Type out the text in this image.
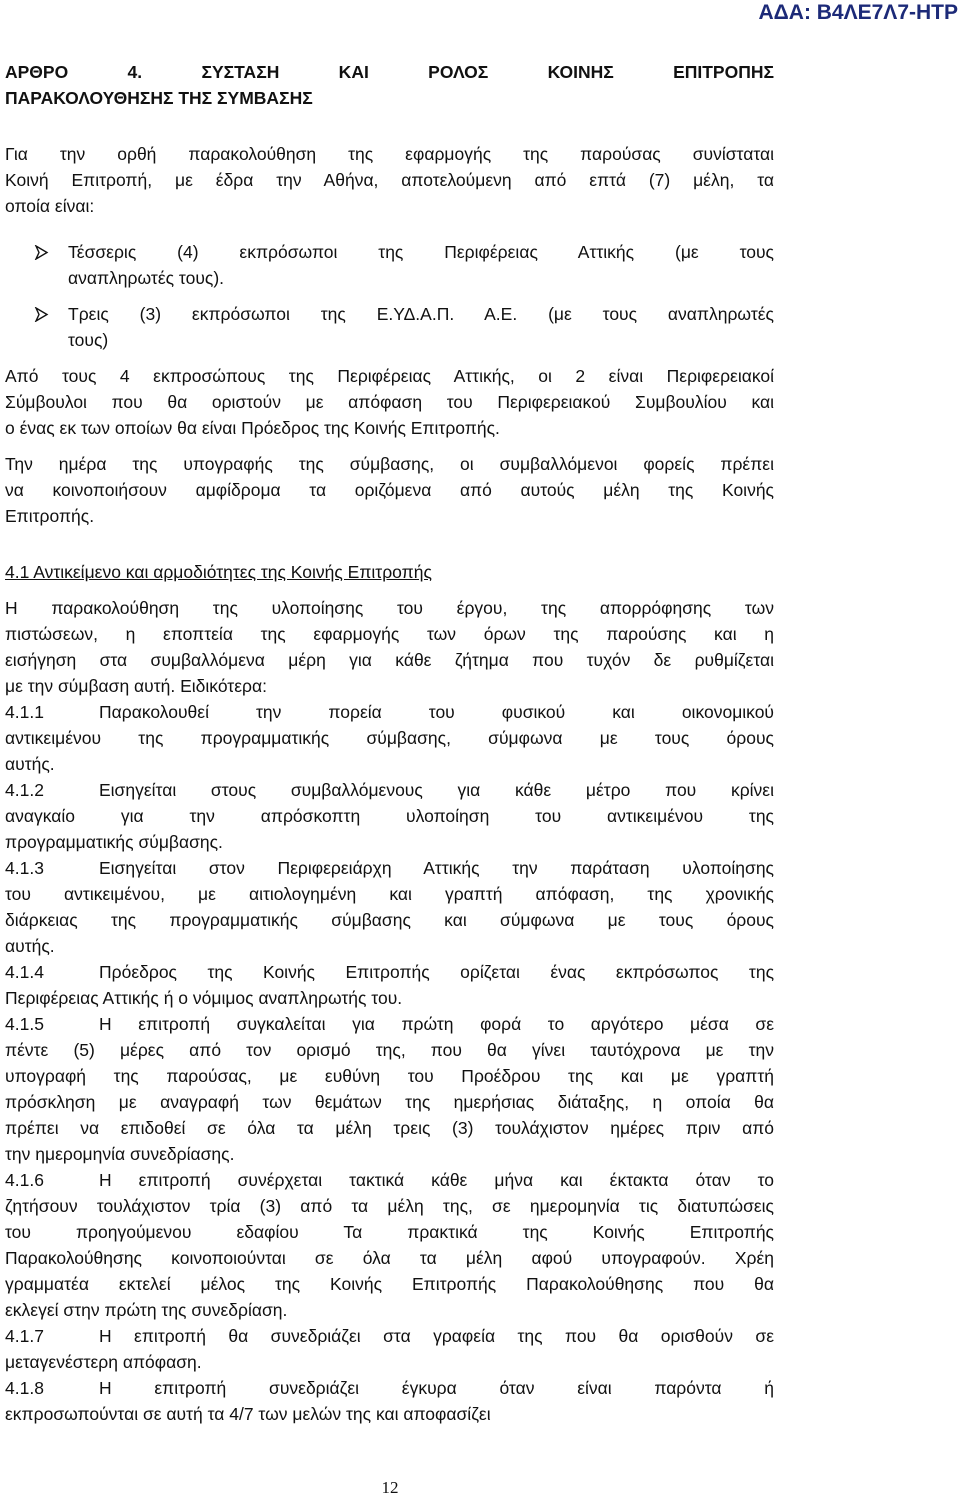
ΑΔΑ: Β4ΛΕ7Λ7-ΗΤΡ
ΑΡΘΡΟ 4. ΣΥΣΤΑΣΗ ΚΑΙ ΡΟΛΟΣ ΚΟΙΝΗΣ ΕΠΙΤΡΟΠΗΣ
ΠΑΡΑΚΟΛΟΥΘΗΣΗΣ ΤΗΣ ΣΥΜΒΑΣΗΣ
Για την ορθή παρακολούθηση της εφαρμογής της παρούσας συνίσταται
Κοινή Επιτροπή, με έδρα την Αθήνα, αποτελούμενη από επτά (7) μέλη, τα
οποία είναι:
Τέσσερις (4) εκπρόσωποι της Περιφέρειας Αττικής (με τους
αναπληρωτές τους).
Τρεις (3) εκπρόσωποι της Ε.ΥΔ.Α.Π. Α.Ε. (με τους αναπληρωτές
τους)
Από τους 4 εκπροσώπους της Περιφέρειας Αττικής, οι 2 είναι Περιφερειακοί
Σύμβουλοι που θα οριστούν με απόφαση του Περιφερειακού Συμβουλίου και
ο ένας εκ των οποίων θα είναι Πρόεδρος της Κοινής Επιτροπής.
Την ημέρα της υπογραφής της σύμβασης, οι συμβαλλόμενοι φορείς πρέπει
να κοινοποιήσουν αμφίδρομα τα οριζόμενα από αυτούς μέλη της Κοινής
Επιτροπής.
4.1 Αντικείμενο και αρμοδιότητες της Κοινής Επιτροπής
Η παρακολούθηση της υλοποίησης του έργου, της απορρόφησης των
πιστώσεων, η εποπτεία της εφαρμογής των όρων της παρούσης και η
εισήγηση στα συμβαλλόμενα μέρη για κάθε ζήτημα που τυχόν δε ρυθμίζεται
με την σύμβαση αυτή. Ειδικότερα:
4.1.1	Παρακολουθεί την πορεία του φυσικού και οικονομικού
αντικειμένου της προγραμματικής σύμβασης, σύμφωνα με τους όρους
αυτής.
4.1.2	Εισηγείται στους συμβαλλόμενους για κάθε μέτρο που κρίνει
αναγκαίο για την απρόσκοπτη υλοποίηση του αντικειμένου της
προγραμματικής σύμβασης.
4.1.3	Εισηγείται στον Περιφερειάρχη Αττικής την παράταση υλοποίησης
του αντικειμένου, με αιτιολογημένη και γραπτή απόφαση, της χρονικής
διάρκειας της προγραμματικής σύμβασης και σύμφωνα με τους όρους
αυτής.
4.1.4	Πρόεδρος της Κοινής Επιτροπής ορίζεται ένας εκπρόσωπος της
Περιφέρειας Αττικής ή ο νόμιμος αναπληρωτής του.
4.1.5	Η επιτροπή συγκαλείται για πρώτη φορά το αργότερο μέσα σε
πέντε (5) μέρες από τον ορισμό της, που θα γίνει ταυτόχρονα με την
υπογραφή της παρούσας, με ευθύνη του Προέδρου της και με γραπτή
πρόσκληση με αναγραφή των θεμάτων της ημερήσιας διάταξης, η οποία θα
πρέπει να επιδοθεί σε όλα τα μέλη τρεις (3) τουλάχιστον ημέρες πριν από
την ημερομηνία συνεδρίασης.
4.1.6	Η επιτροπή συνέρχεται τακτικά κάθε μήνα και έκτακτα όταν το
ζητήσουν τουλάχιστον τρία (3) από τα μέλη της, σε ημερομηνία τις διατυπώσεις
του προηγούμενου εδαφίου Τα πρακτικά της Κοινής Επιτροπής
Παρακολούθησης κοινοποιούνται σε όλα τα μέλη αφού υπογραφούν. Χρέη
γραμματέα εκτελεί μέλος της Κοινής Επιτροπής Παρακολούθησης που θα
εκλεγεί στην πρώτη της συνεδρίαση.
4.1.7	Η επιτροπή θα συνεδριάζει στα γραφεία της που θα ορισθούν σε
μεταγενέστερη απόφαση.
4.1.8	Η επιτροπή συνεδριάζει έγκυρα όταν είναι παρόντα ή
εκπροσωπούνται σε αυτή τα 4/7 των μελών της και αποφασίζει
12
